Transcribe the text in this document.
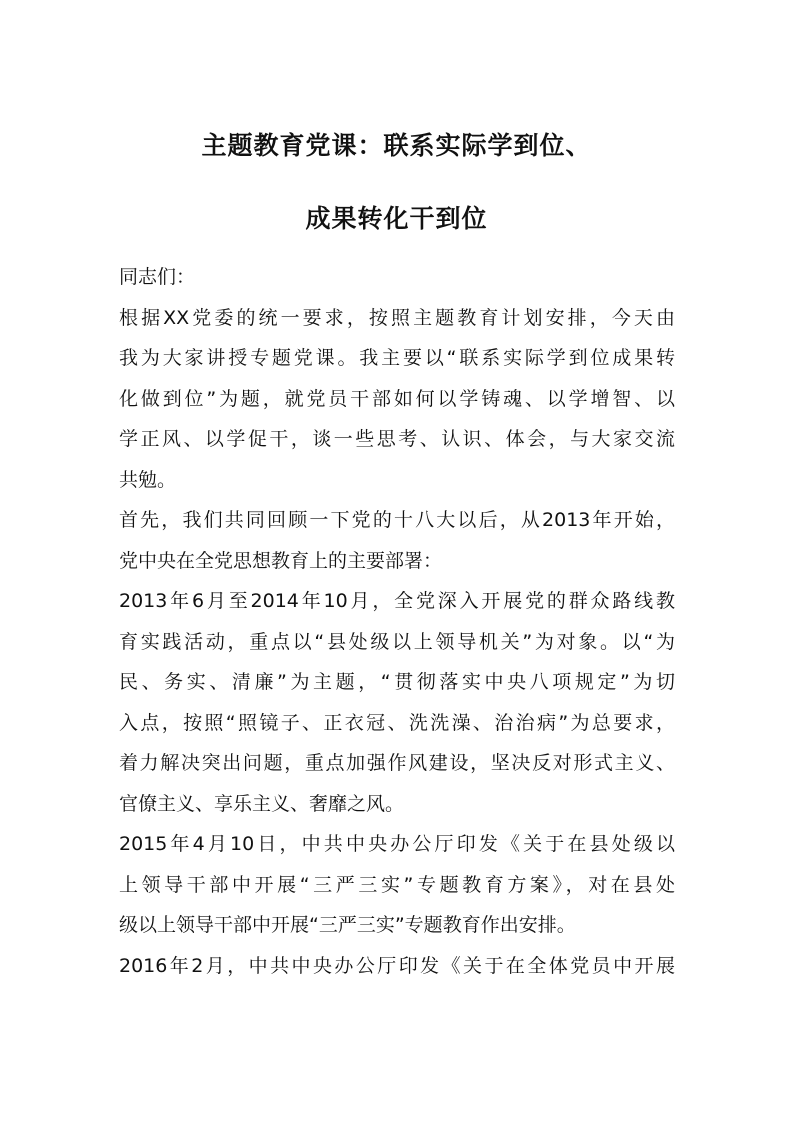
主题教育党课：联系实际学到位、
成果转化干到位
同志们：
根据XX党委的统一要求，按照主题教育计划安排，今天由
我为大家讲授专题党课。我主要以“联系实际学到位成果转
化做到位”为题，就党员干部如何以学铸魂、以学增智、以
学正风、以学促干，谈一些思考、认识、体会，与大家交流
共勉。
首先，我们共同回顾一下党的十八大以后，从2013年开始，
党中央在全党思想教育上的主要部署：
2013年6月至2014年10月，全党深入开展党的群众路线教
育实践活动，重点以“县处级以上领导机关”为对象。以“为
民、务实、清廉”为主题，“贯彻落实中央八项规定”为切
入点，按照“照镜子、正衣冠、洗洗澡、治治病”为总要求，
着力解决突出问题，重点加强作风建设，坚决反对形式主义、
官僚主义、享乐主义、奢靡之风。
2015年4月10日，中共中央办公厅印发《关于在县处级以
上领导干部中开展“三严三实”专题教育方案》，对在县处
级以上领导干部中开展“三严三实”专题教育作出安排。
2016年2月，中共中央办公厅印发《关于在全体党员中开展
